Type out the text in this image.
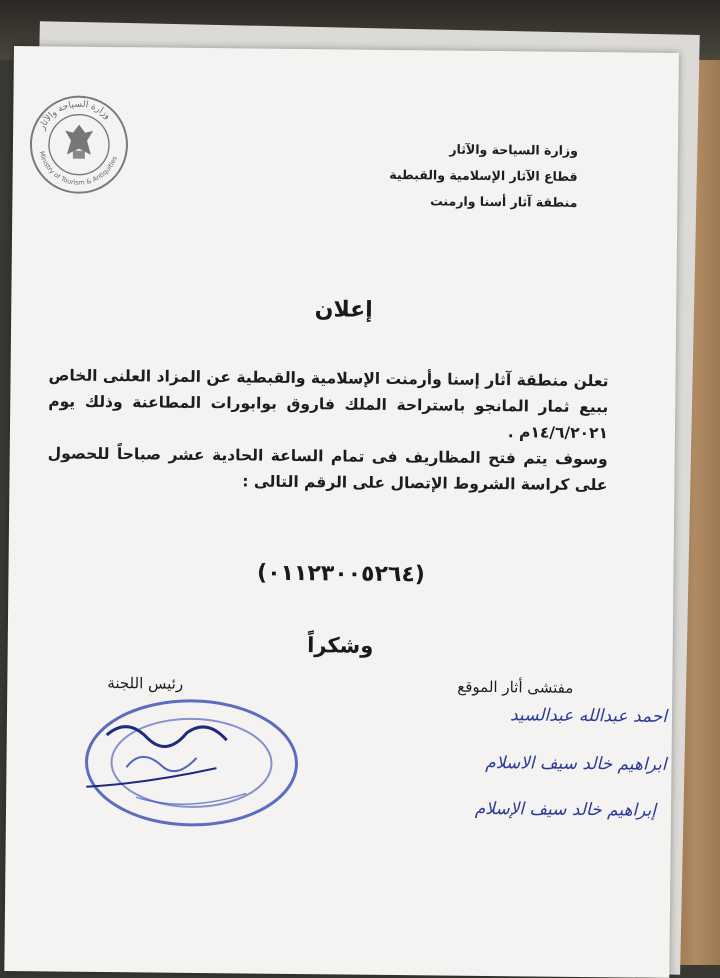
وزارة السياحة والآثار
Ministry of Tourism & Antiquities
وزارة السياحة والآثار
قطاع الآثار الإسلامية والقبطية
منطقة آثار أسنا وارمنت
إعلان

تعلن منطقة آثار إسنا وأرمنت الإسلامية والقبطية عن المزاد العلنى الخاص ببيع ثمار المانجو باستراحة الملك فاروق بوابورات المطاعنة وذلك يوم ١٤/٦/٢٠٢١م .

وسوف يتم فتح المظاريف فى تمام الساعة الحادية عشر صباحاً للحصول على كراسة الشروط الإتصال على الرقم التالى :

(٠١١٢٣٠٠٥٢٦٤)
وشكراً
رئيس اللجنة	مفتشى أثار الموقع
احمد عبدالله عبدالسيد
ابراهيم خالد سيف الاسلام
إبراهيم خالد سيف الإسلام
